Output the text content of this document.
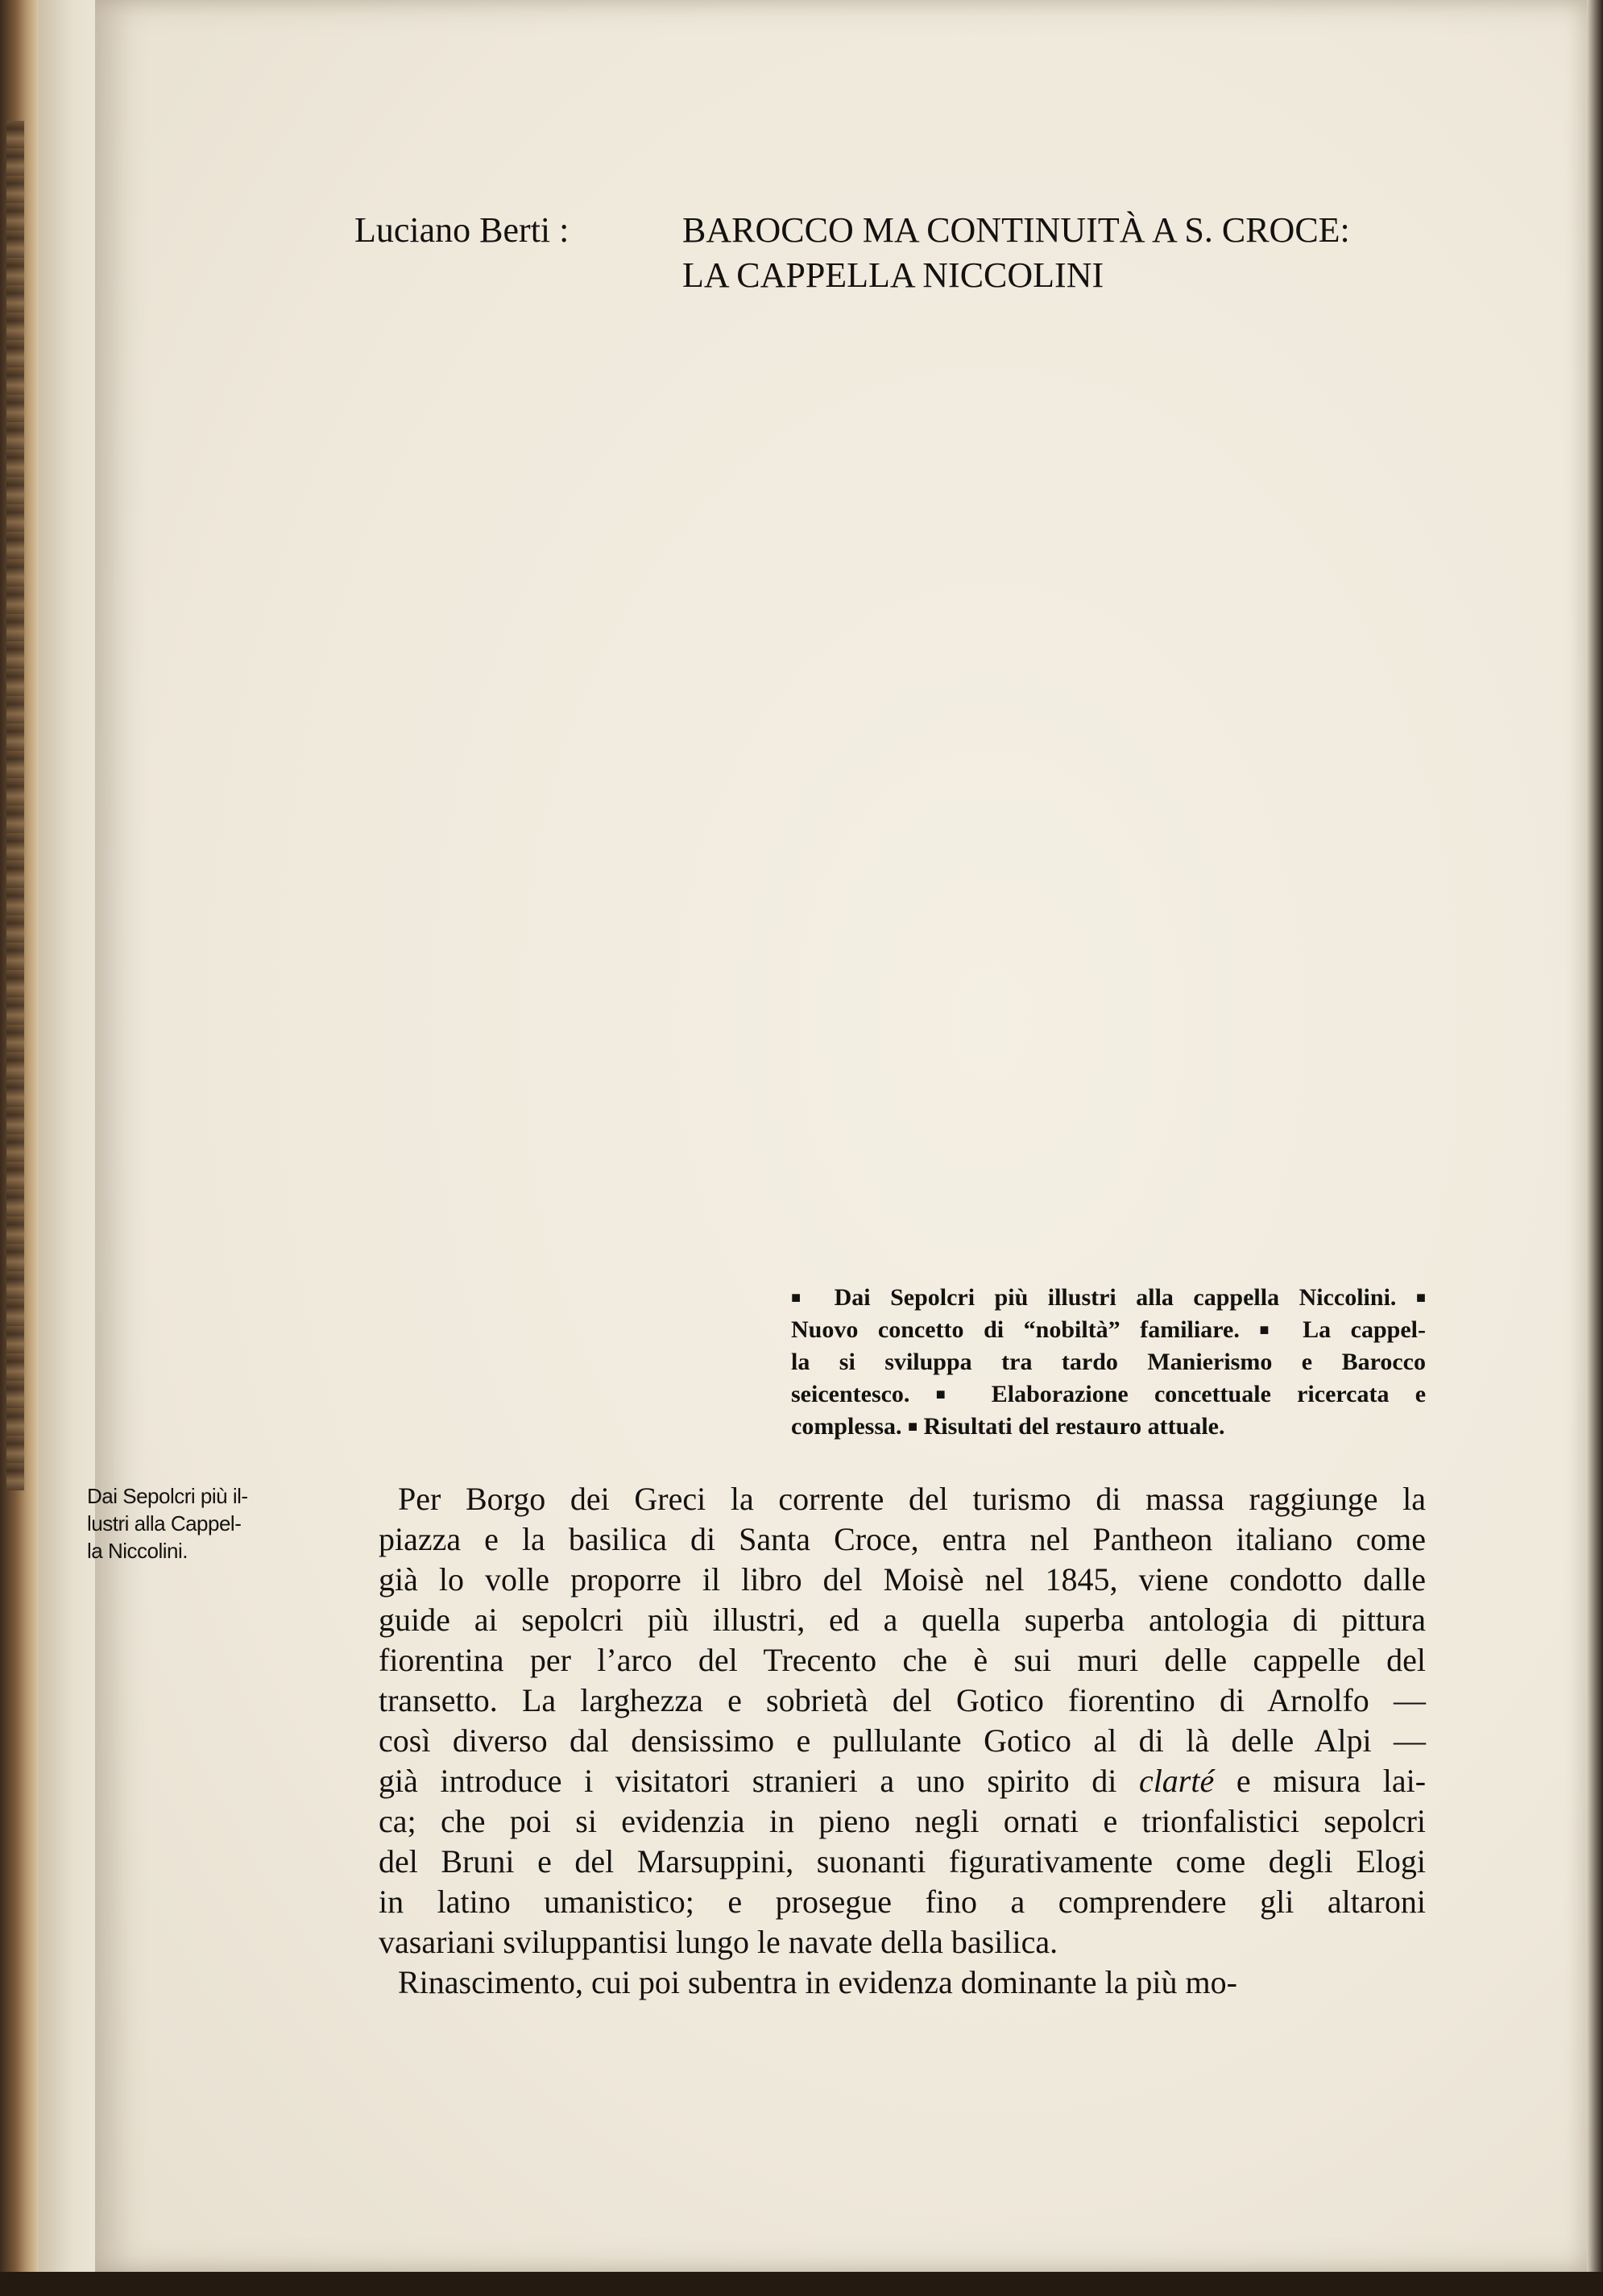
Luciano Berti :	BAROCCO MA CONTINUITÀ A S. CROCE:
LA CAPPELLA NICCOLINI
■ Dai Sepolcri più illustri alla cappella Niccolini. ■
Nuovo concetto di “nobiltà” familiare. ■ La cappel-
la si sviluppa tra tardo Manierismo e Barocco
seicentesco. ■ Elaborazione concettuale ricercata e
complessa. ■ Risultati del restauro attuale.
Dai Sepolcri più il-
lustri alla Cappel-
la Niccolini.
Per Borgo dei Greci la corrente del turismo di massa raggiunge la
piazza e la basilica di Santa Croce, entra nel Pantheon italiano come
già lo volle proporre il libro del Moisè nel 1845, viene condotto dalle
guide ai sepolcri più illustri, ed a quella superba antologia di pittura
fiorentina per l’arco del Trecento che è sui muri delle cappelle del
transetto. La larghezza e sobrietà del Gotico fiorentino di Arnolfo —
così diverso dal densissimo e pullulante Gotico al di là delle Alpi —
già introduce i visitatori stranieri a uno spirito di clarté e misura lai-
ca; che poi si evidenzia in pieno negli ornati e trionfalistici sepolcri
del Bruni e del Marsuppini, suonanti figurativamente come degli Elogi
in latino umanistico; e prosegue fino a comprendere gli altaroni
vasariani sviluppantisi lungo le navate della basilica.
Rinascimento, cui poi subentra in evidenza dominante la più mo-
